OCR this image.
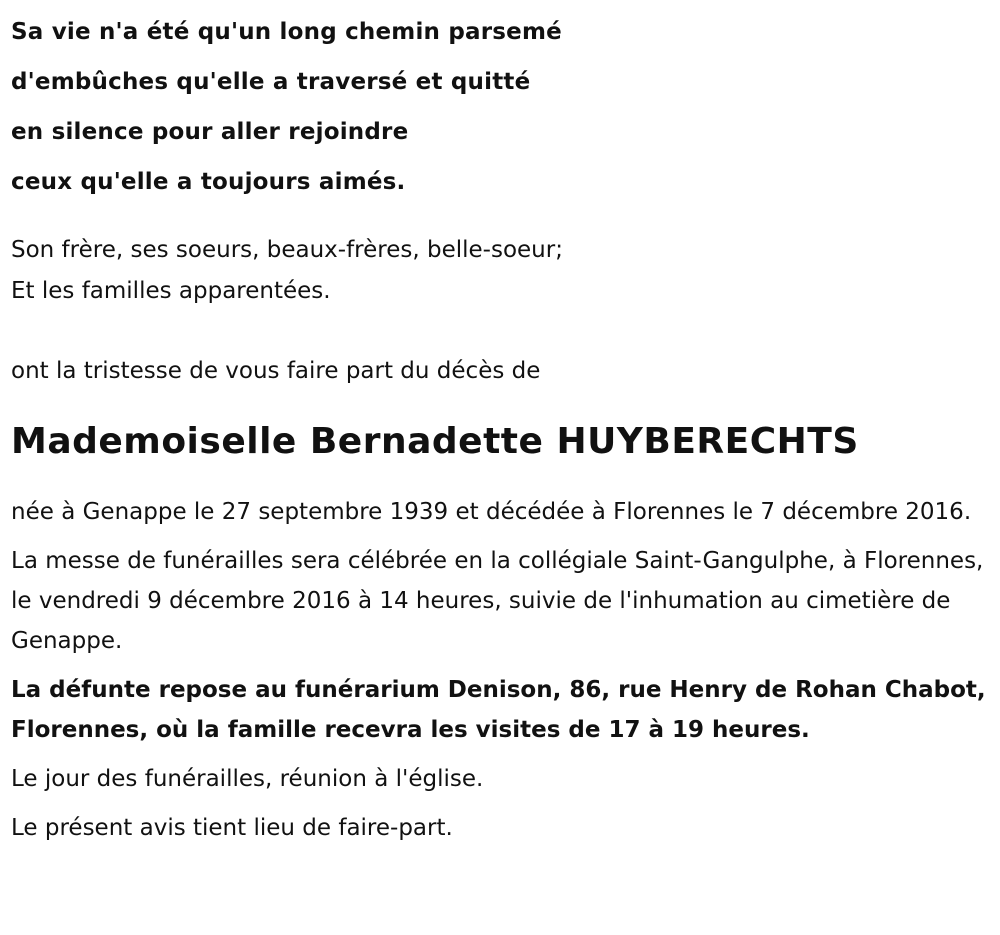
Sa vie n'a été qu'un long chemin parsemé
d'embûches qu'elle a traversé et quitté
en silence pour aller rejoindre
ceux qu'elle a toujours aimés.
Son frère, ses soeurs, beaux-frères, belle-soeur;
Et les familles apparentées.
ont la tristesse de vous faire part du décès de
Mademoiselle Bernadette HUYBERECHTS
née à Genappe le 27 septembre 1939 et décédée à Florennes le 7 décembre 2016.
La messe de funérailles sera célébrée en la collégiale Saint-Gangulphe, à Florennes, le vendredi 9 décembre 2016 à 14 heures, suivie de l'inhumation au cimetière de Genappe.
La défunte repose au funérarium Denison, 86, rue Henry de Rohan Chabot, Florennes, où la famille recevra les visites de 17 à 19 heures.
Le jour des funérailles, réunion à l'église.
Le présent avis tient lieu de faire-part.
